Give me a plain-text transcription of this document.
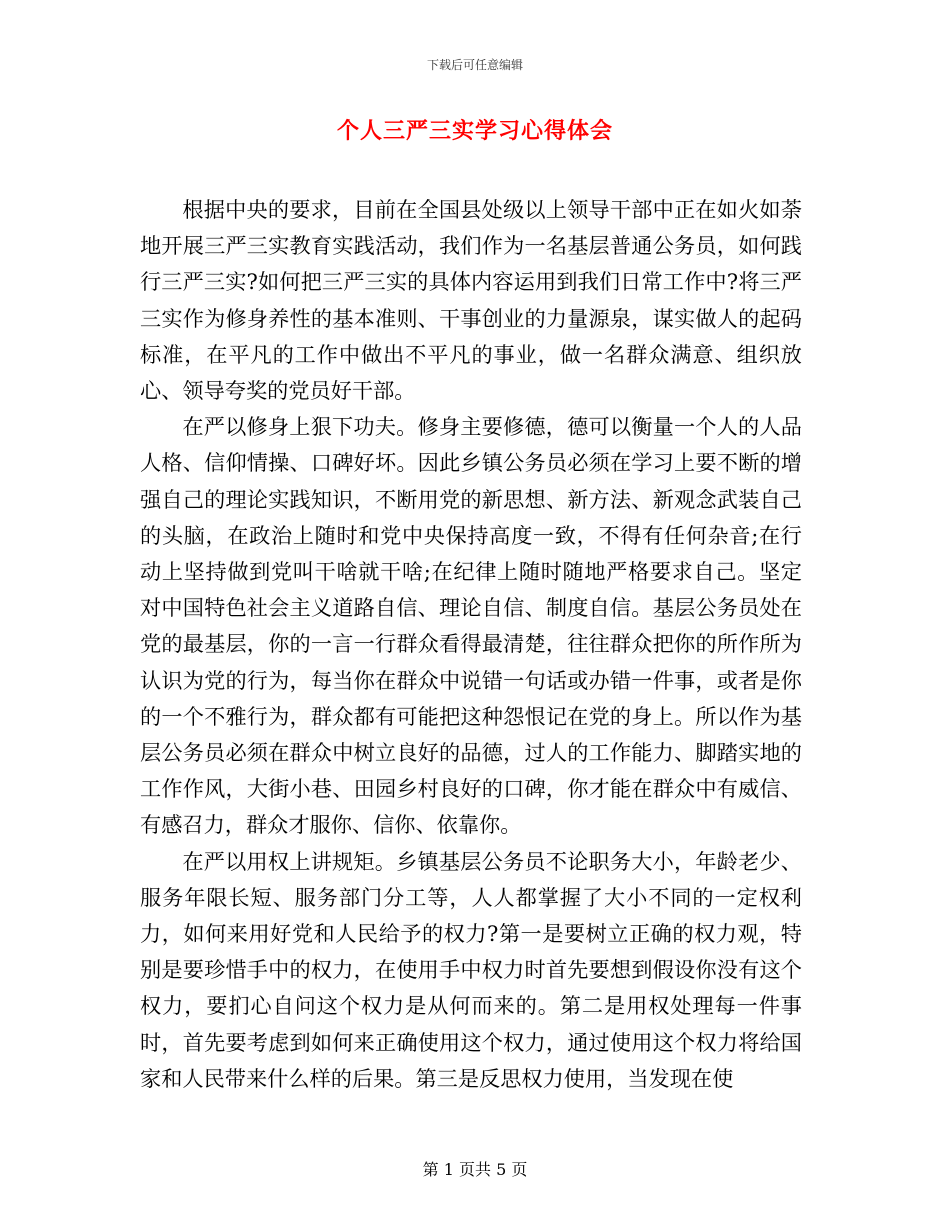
下载后可任意编辑
个人三严三实学习心得体会

根据中央的要求，目前在全国县处级以上领导干部中正在如火如荼地开展三严三实教育实践活动，我们作为一名基层普通公务员，如何践行三严三实?如何把三严三实的具体内容运用到我们日常工作中?将三严三实作为修身养性的基本准则、干事创业的力量源泉，谋实做人的起码标准，在平凡的工作中做出不平凡的事业，做一名群众满意、组织放心、领导夸奖的党员好干部。

在严以修身上狠下功夫。修身主要修德，德可以衡量一个人的人品人格、信仰情操、口碑好坏。因此乡镇公务员必须在学习上要不断的增强自己的理论实践知识，不断用党的新思想、新方法、新观念武装自己的头脑，在政治上随时和党中央保持高度一致，不得有任何杂音;在行动上坚持做到党叫干啥就干啥;在纪律上随时随地严格要求自己。坚定对中国特色社会主义道路自信、理论自信、制度自信。基层公务员处在党的最基层，你的一言一行群众看得最清楚，往往群众把你的所作所为认识为党的行为，每当你在群众中说错一句话或办错一件事，或者是你的一个不雅行为，群众都有可能把这种怨恨记在党的身上。所以作为基层公务员必须在群众中树立良好的品德，过人的工作能力、脚踏实地的工作作风，大街小巷、田园乡村良好的口碑，你才能在群众中有威信、有感召力，群众才服你、信你、依靠你。

在严以用权上讲规矩。乡镇基层公务员不论职务大小，年龄老少、服务年限长短、服务部门分工等，人人都掌握了大小不同的一定权利力，如何来用好党和人民给予的权力?第一是要树立正确的权力观，特别是要珍惜手中的权力，在使用手中权力时首先要想到假设你没有这个权力，要扪心自问这个权力是从何而来的。第二是用权处理每一件事时，首先要考虑到如何来正确使用这个权力，通过使用这个权力将给国家和人民带来什么样的后果。第三是反思权力使用，当发现在使

第 1 页共 5 页
